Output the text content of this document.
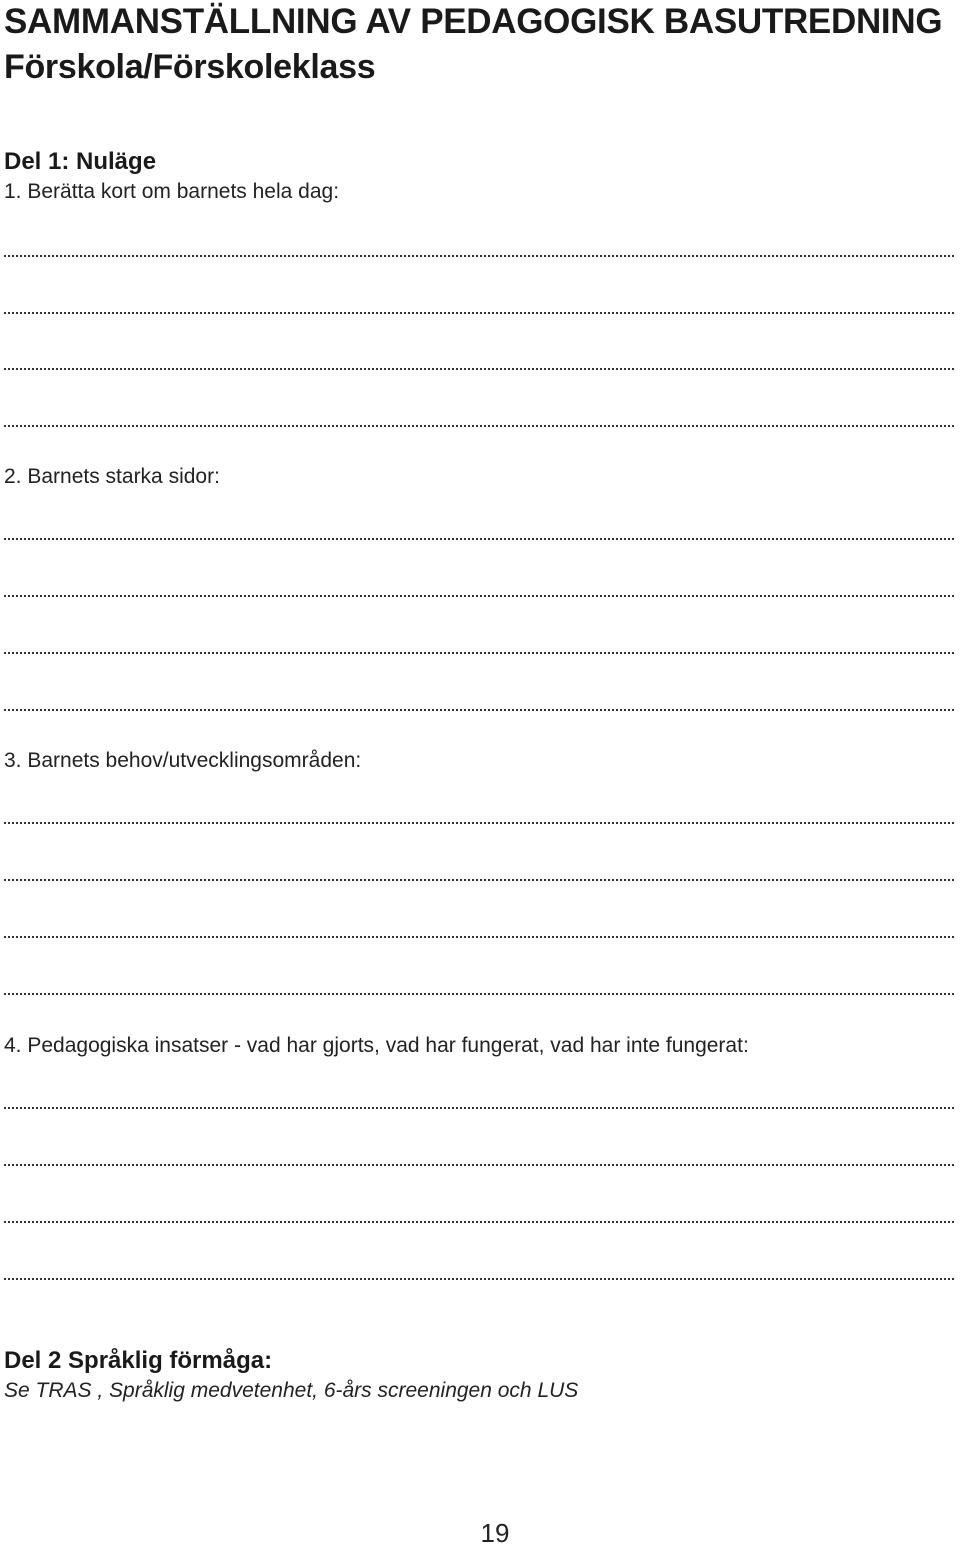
SAMMANSTÄLLNING AV PEDAGOGISK BASUTREDNING
Förskola/Förskoleklass
Del 1: Nuläge
1. Berätta kort om barnets hela dag:
2. Barnets starka sidor:
3. Barnets behov/utvecklingsområden:
4. Pedagogiska insatser - vad har gjorts, vad har fungerat, vad har inte fungerat:
Del 2 Språklig förmåga:
Se TRAS , Språklig medvetenhet, 6-års screeningen och LUS
19
